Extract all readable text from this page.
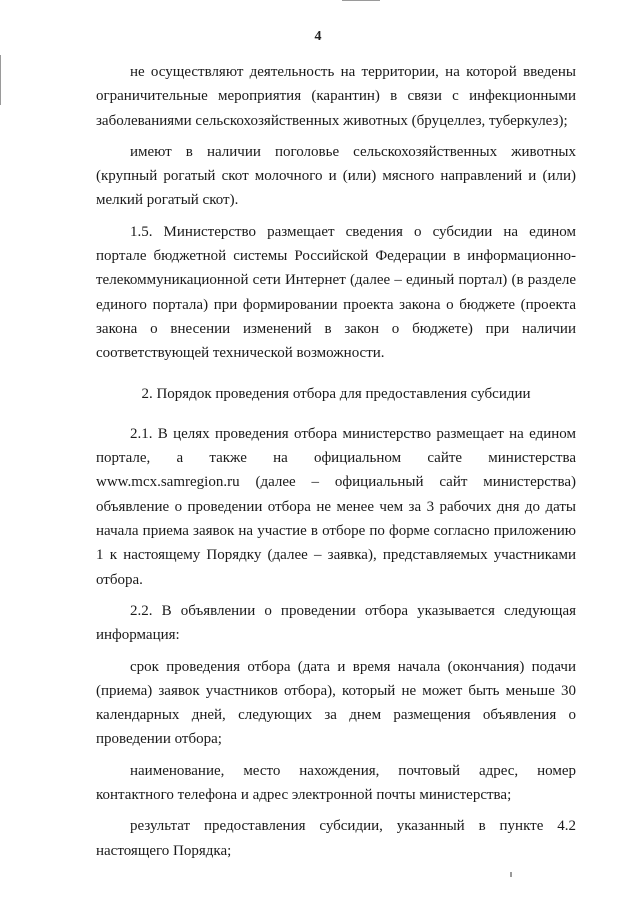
4

не осуществляют деятельность на территории, на которой введены ограничительные мероприятия (карантин) в связи с инфекционными заболеваниями сельскохозяйственных животных (бруцеллез, туберкулез);

имеют в наличии поголовье сельскохозяйственных животных (крупный рогатый скот молочного и (или) мясного направлений и (или) мелкий рогатый скот).

1.5. Министерство размещает сведения о субсидии на едином портале бюджетной системы Российской Федерации в информационно-телекоммуникационной сети Интернет (далее – единый портал) (в разделе единого портала) при формировании проекта закона о бюджете (проекта закона о внесении изменений в закон о бюджете) при наличии соответствующей технической возможности.

2. Порядок проведения отбора для предоставления субсидии

2.1. В целях проведения отбора министерство размещает на едином

портале, а также на официальном сайте министерства www.mcx.samregion.ru (далее – официальный сайт министерства) объявление о проведении отбора не менее чем за 3 рабочих дня до даты начала приема заявок на участие в отборе по форме согласно приложению 1 к настоящему Порядку (далее – заявка), представляемых участниками отбора.

2.2. В объявлении о проведении отбора указывается следующая информация:

срок проведения отбора (дата и время начала (окончания) подачи (приема) заявок участников отбора), который не может быть меньше 30 календарных дней, следующих за днем размещения объявления о проведении отбора;

наименование, место нахождения, почтовый адрес, номер контактного телефона и адрес электронной почты министерства;

результат предоставления субсидии, указанный в пункте 4.2 настоящего Порядка;
